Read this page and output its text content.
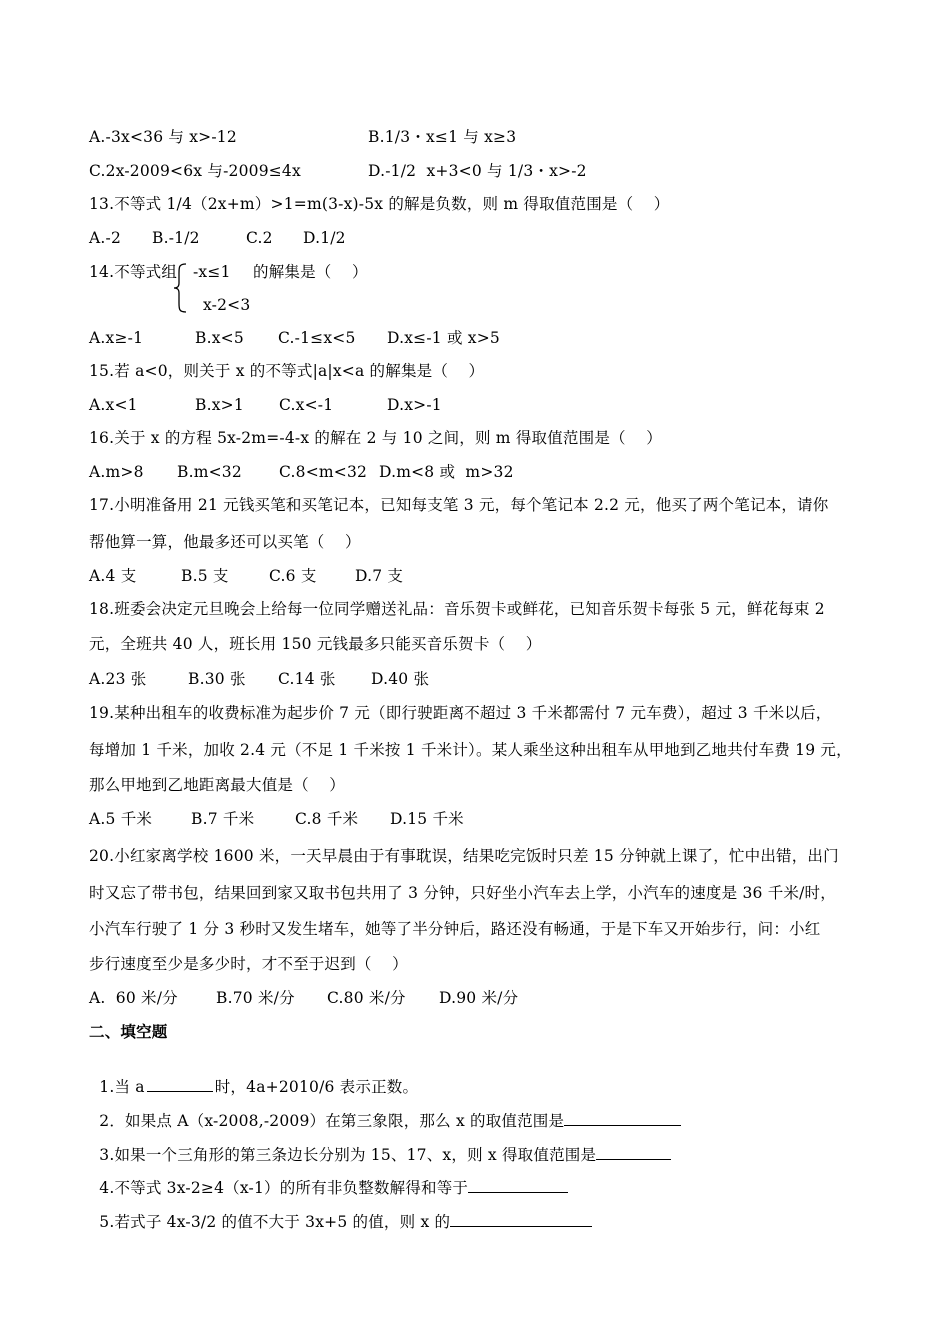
A.-3x<36 与 x>-12

	B.1/3・x≤1 与 x≥3

C.2x-2009<6x 与-2009≤4x

	D.-1/2  x+3<0 与 1/3・x>-2

13.不等式 1/4（2x+m）>1=m(3-x)-5x 的解是负数，则 m 得取值范围是（    ）

A.-2

B.-1/2

	C.2

D.1/2

14.不等式组

-x≤1

的解集是（    ）

x-2<3

A.x≥-1

	B.x<5

C.-1≤x<5

D.x≤-1 或 x>5

15.若 a<0，则关于 x 的不等式|a|x<a 的解集是（    ）

A.x<1

	B.x>1

C.x<-1

	D.x>-1

16.关于 x 的方程 5x-2m=-4-x 的解在 2 与 10 之间，则 m 得取值范围是（    ）

A.m>8

B.m<32

C.8<m<32

D.m<8 或  m>32

17.小明准备用 21 元钱买笔和买笔记本，已知每支笔 3 元，每个笔记本 2.2 元，他买了两个笔记本，请你
帮他算一算，他最多还可以买笔（    ）

A.4 支

	B.5 支

	C.6 支

D.7 支

18.班委会决定元旦晚会上给每一位同学赠送礼品：音乐贺卡或鲜花，已知音乐贺卡每张 5 元，鲜花每束 2
元，全班共 40 人，班长用 150 元钱最多只能买音乐贺卡（    ）

A.23 张

	B.30 张

C.14 张

D.40 张

19.某种出租车的收费标准为起步价 7 元（即行驶距离不超过 3 千米都需付 7 元车费），超过 3 千米以后，
每增加 1 千米，加收 2.4 元（不足 1 千米按 1 千米计）。某人乘坐这种出租车从甲地到乙地共付车费 19 元，
那么甲地到乙地距离最大值是（    ）

A.5 千米

	B.7 千米

	C.8 千米

D.15 千米

20.小红家离学校 1600 米，一天早晨由于有事耽误，结果吃完饭时只差 15 分钟就上课了，忙中出错，出门
时又忘了带书包，结果回到家又取书包共用了 3 分钟，只好坐小汽车去上学，小汽车的速度是 36 千米/时，
小汽车行驶了 1 分 3 秒时又发生堵车，她等了半分钟后，路还没有畅通，于是下车又开始步行，问：小红
步行速度至少是多少时，才不至于迟到（    ）

A.  60 米/分

B.70 米/分

C.80 米/分

D.90 米/分

二、填空题

1.当 a	时，4a+2010/6 表示正数。

2．如果点 A（x-2008,-2009）在第三象限，那么 x 的取值范围是

3.如果一个三角形的第三条边长分别为 15、17、x，则 x 得取值范围是

4.不等式 3x-2≥4（x-1）的所有非负整数解得和等于

5.若式子 4x-3/2 的值不大于 3x+5 的值，则 x 的
